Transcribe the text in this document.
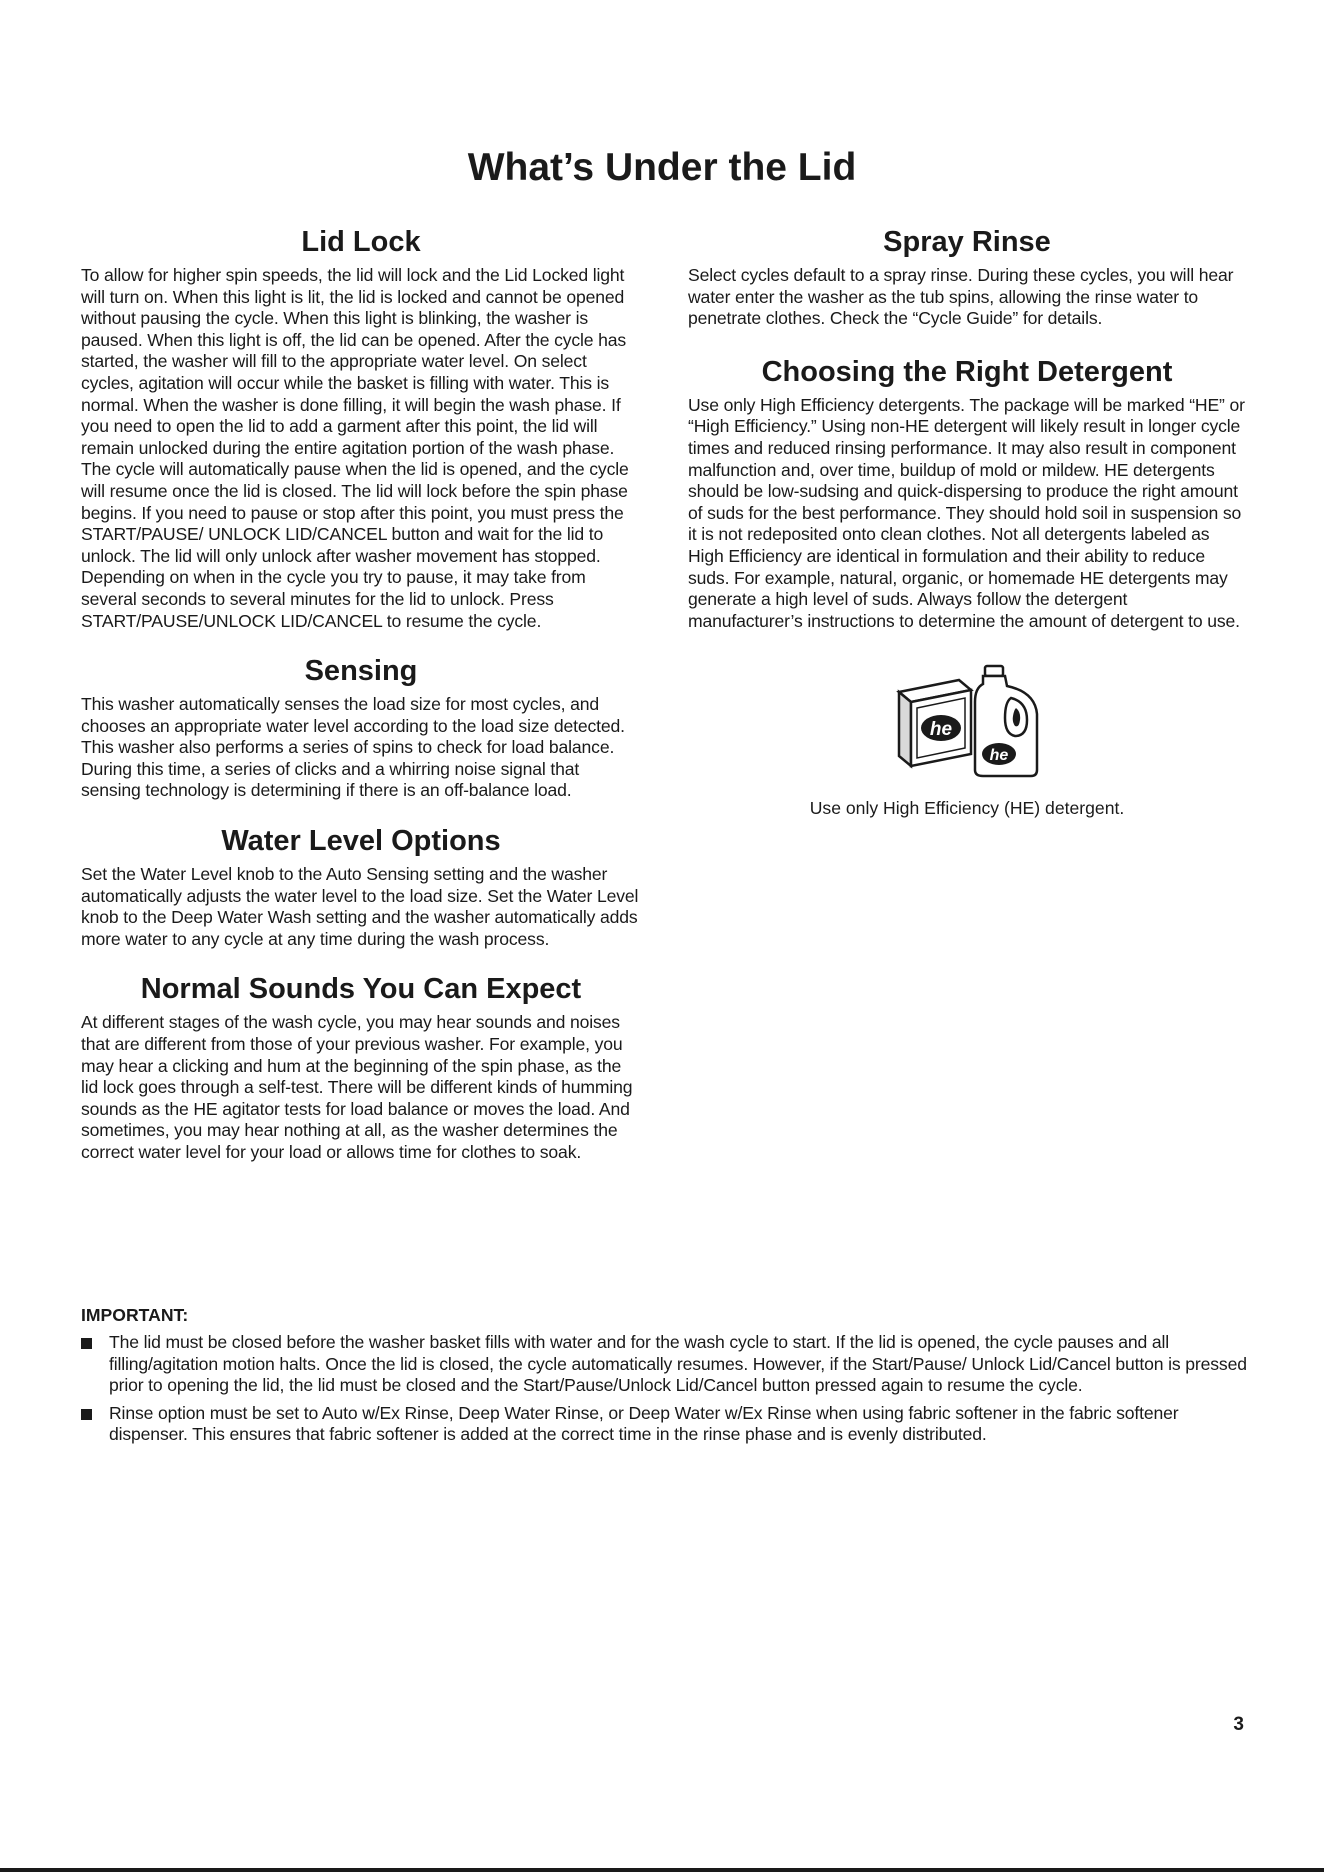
What’s Under the Lid
Lid Lock

To allow for higher spin speeds, the lid will lock and the Lid Locked light will turn on. When this light is lit, the lid is locked and cannot be opened without pausing the cycle. When this light is blinking, the washer is paused. When this light is off, the lid can be opened. After the cycle has started, the washer will fill to the appropriate water level. On select cycles, agitation will occur while the basket is filling with water. This is normal. When the washer is done filling, it will begin the wash phase. If you need to open the lid to add a garment after this point, the lid will remain unlocked during the entire agitation portion of the wash phase. The cycle will automatically pause when the lid is opened, and the cycle will resume once the lid is closed. The lid will lock before the spin phase begins. If you need to pause or stop after this point, you must press the START/PAUSE/ UNLOCK LID/CANCEL button and wait for the lid to unlock. The lid will only unlock after washer movement has stopped. Depending on when in the cycle you try to pause, it may take from several seconds to several minutes for the lid to unlock. Press START/PAUSE/UNLOCK LID/CANCEL to resume the cycle.

Sensing

This washer automatically senses the load size for most cycles, and chooses an appropriate water level according to the load size detected. This washer also performs a series of spins to check for load balance. During this time, a series of clicks and a whirring noise signal that sensing technology is determining if there is an off-balance load.

Water Level Options

Set the Water Level knob to the Auto Sensing setting and the washer automatically adjusts the water level to the load size. Set the Water Level knob to the Deep Water Wash setting and the washer automatically adds more water to any cycle at any time during the wash process.

Normal Sounds You Can Expect

At different stages of the wash cycle, you may hear sounds and noises that are different from those of your previous washer. For example, you may hear a clicking and hum at the beginning of the spin phase, as the lid lock goes through a self-test. There will be different kinds of humming sounds as the HE agitator tests for load balance or moves the load. And sometimes, you may hear nothing at all, as the washer determines the correct water level for your load or allows time for clothes to soak.

Spray Rinse

Select cycles default to a spray rinse. During these cycles, you will hear water enter the washer as the tub spins, allowing the rinse water to penetrate clothes. Check the “Cycle Guide” for details.

Choosing the Right Detergent

Use only High Efficiency detergents. The package will be marked “HE” or “High Efficiency.” Using non-HE detergent will likely result in longer cycle times and reduced rinsing performance. It may also result in component malfunction and, over time, buildup of mold or mildew. HE detergents should be low-sudsing and quick-dispersing to produce the right amount of suds for the best performance. They should hold soil in suspension so it is not redeposited onto clean clothes. Not all detergents labeled as High Efficiency are identical in formulation and their ability to reduce suds. For example, natural, organic, or homemade HE detergents may generate a high level of suds. Always follow the detergent manufacturer’s instructions to determine the amount of detergent to use.

he
he
Use only High Efficiency (HE) detergent.

IMPORTANT:

The lid must be closed before the washer basket fills with water and for the wash cycle to start. If the lid is opened, the cycle pauses and all filling/agitation motion halts. Once the lid is closed, the cycle automatically resumes. However, if the Start/Pause/ Unlock Lid/Cancel button is pressed prior to opening the lid, the lid must be closed and the Start/Pause/Unlock Lid/Cancel button pressed again to resume the cycle.
Rinse option must be set to Auto w/Ex Rinse, Deep Water Rinse, or Deep Water w/Ex Rinse when using fabric softener in the fabric softener dispenser. This ensures that fabric softener is added at the correct time in the rinse phase and is evenly distributed.
3
